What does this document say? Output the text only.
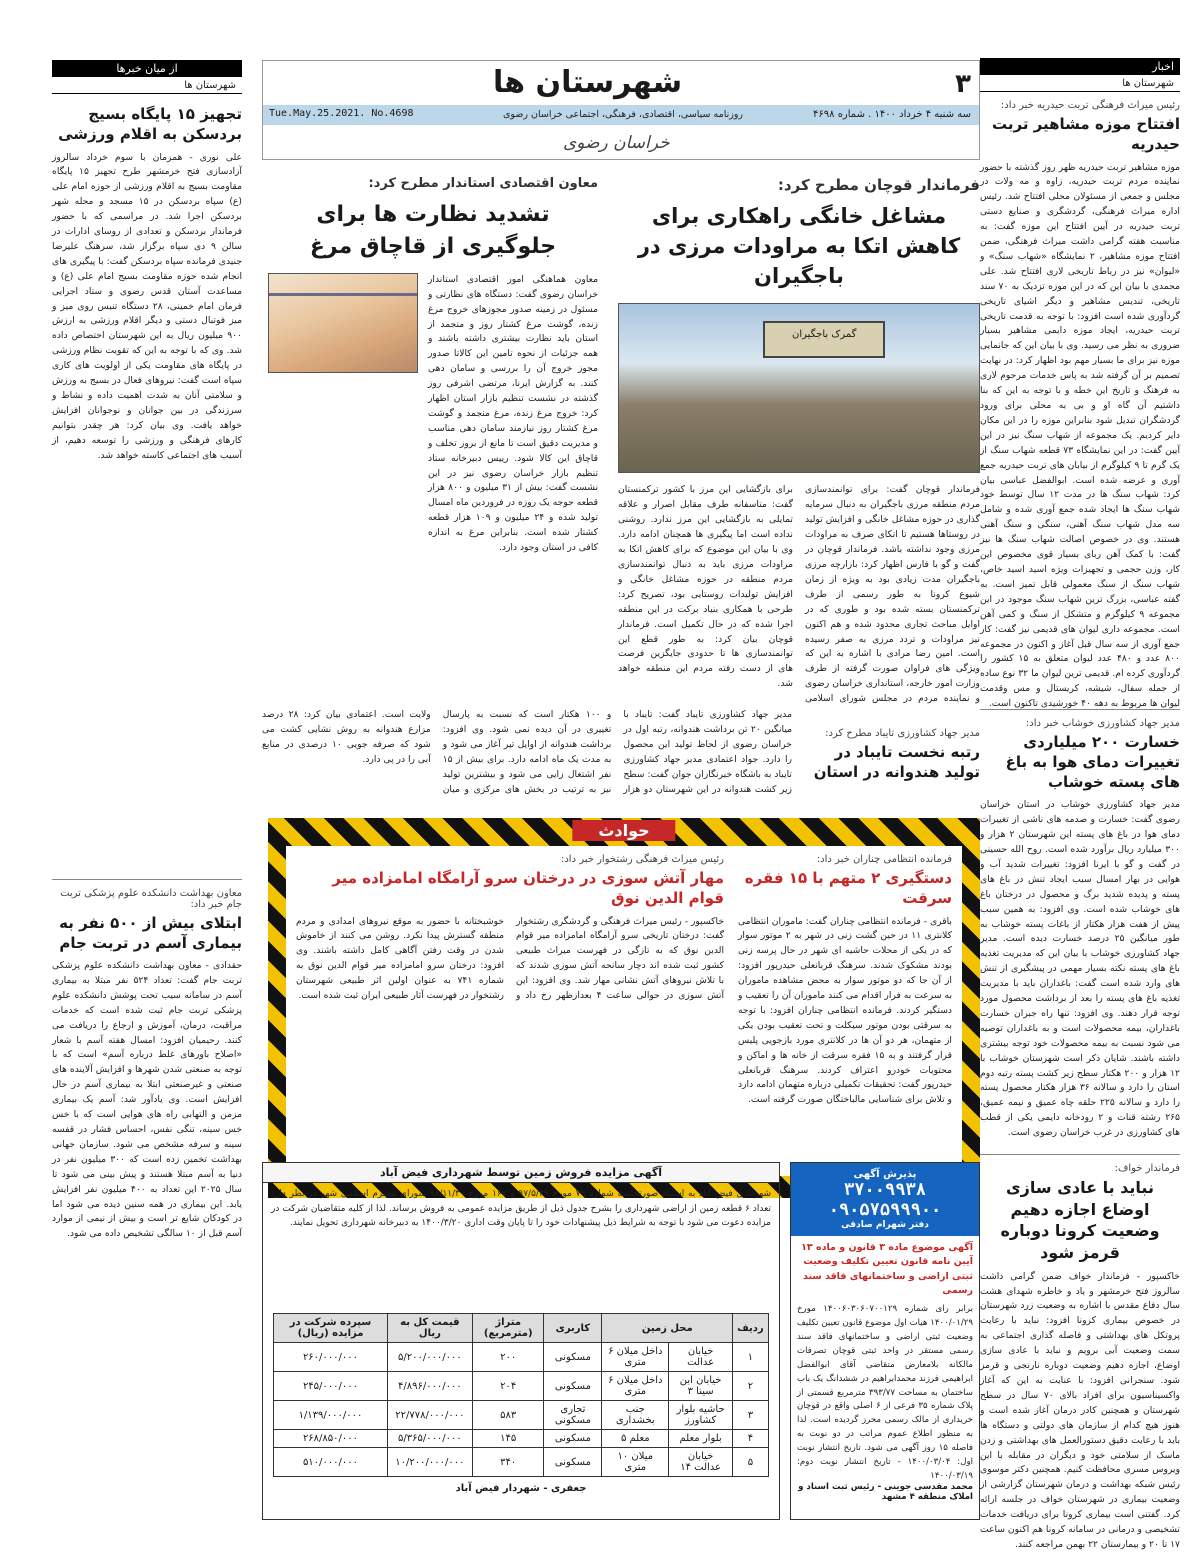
اخبار
شهرستان ها
رئیس میراث فرهنگی تربت حیدریه خبر داد:
افتتاح موزه مشاهیر تربت حیدریه
موزه مشاهیر تربت حیدریه ظهر روز گذشته با حضور نماینده مردم تربت حیدریه، زاوه و مه ولات در مجلس و جمعی از مسئولان محلی افتتاح شد. رئیس اداره میراث فرهنگی، گردشگری و صنایع دستی تربت حیدریه در آیین افتتاح این موزه گفت: به مناسبت هفته گرامی داشت میراث فرهنگی، ضمن افتتاح موزه مشاهیر، ۲ نمایشگاه «شهاب سنگ» و «لیوان» نیز در رباط تاریخی لاری افتتاح شد. علی محمدی با بیان این که در این موزه تزدیک به ۷۰ سند تاریخی، تندیس مشاهیر و دیگر اشیای تاریخی گردآوری شده است افزود: با توجه به قدمت تاریخی تربت حیدریه، ایجاد موزه دایمی مشاهیر بسیار ضروری به نظر می رسید. وی با بیان این که جانمایی موزه نیز برای ما بسیار مهم بود اظهار کرد: در نهایت تصمیم بر آن گرفته شد به پاس خدمات مرحوم لاری به فرهنگ و تاریخ این خطه و با توجه به این که بنا داشتیم آن گاه او و بی به محلی برای ورود گردشگران تبدیل شود بنابراین موزه را در این مکان دایر کردیم. یک مجموعه از شهاب سنگ نیز در این آیین گفت: در این نمایشگاه ۷۳ قطعه شهاب سنگ از یک گرم تا ۹ کیلوگرم از بیابان های تربت حیدریه جمع آوری و عرضه شده است. ابوالفضل عباسی بیان کرد: شهاب سنگ ها در مدت ۱۲ سال توسط خود شهاب سنگ ها ایجاد شده جمع آوری شده و شامل سه مدل شهاب سنگ آهنی، سنگی و سنگ آهنی هستند. وی در خصوص اصالت شهاب سنگ ها نیز گفت: با کمک آهن ربای بسیار قوی مخصوص این کار، وزن حجمی و تجهیزات ویژه اسید اسید خاص، شهاب سنگ از سنگ معمولی قابل تمیز است. به گفته عباسی، بزرگ ترین شهاب سنگ موجود در این مجموعه ۹ کیلوگرم و متشکل از سنگ و کمی آهن است. مجموعه داری لیوان های قدیمی نیز گفت: کار جمع آوری از سه سال قبل آغاز و اکنون در مجموعه ۸۰۰ عدد و ۴۸۰ عدد لیوان متعلق به ۱۵ کشور را گردآوری کرده ام. قدیمی ترین لیوان ما ۳۲ نوع ساده از جمله سفال، شیشه، کریستال و مس وقدمت لیوان ها مربوط به دهه ۴۰ خورشیدی تاکنون است.
مدیر جهاد کشاورزی خوشاب خبر داد:
خسارت ۲۰۰ میلیاردی تغییرات دمای هوا به باغ های پسته خوشاب
مدیر جهاد کشاورزی خوشاب در استان خراسان رضوی گفت: خسارت و صدمه های ناشی از تغییرات دمای هوا در باغ های پسته این شهرستان ۲ هزار و ۳۰۰ میلیارد ریال برآورد شده است. روح الله حسینی در گفت و گو با ایرنا افزود: تغییرات شدید آب و هوایی در بهار امسال سبب ایجاد تنش در باغ های پسته و پدیده شدید برگ و محصول در درختان باغ های خوشاب شده است. وی افزود: به همین سبب پیش از هفت هزار هکتار از باغات پسته خوشاب به طور میانگین ۲۵ درصد خسارت دیده است. مدیر جهاد کشاورزی خوشاب با بیان این که مدیریت تغذیه باغ های پسته نکته بسیار مهمی در پیشگیری از تنش های وارد شده است گفت: باغداران باید با مدیریت تغذیه باغ های پسته را بعد از برداشت محصول مورد توجه قرار دهند. وی افزود: تنها راه جبران خسارت باغداران، بیمه محصولات است و به باغداران توصیه می شود نسبت به بیمه محصولات خود توجه بیشتری داشته باشند. شایان ذکر است شهرستان خوشاب با ۱۲ هزار و ۲۰۰ هکتار سطح زیر کشت پسته رتبه دوم استان را دارد و سالانه ۳۶ هزار هکتار محصول پسته را دارد و سالانه ۲۲۵ حلقه چاه عمیق و نیمه عمیق، ۲۶۵ رشته قنات و ۲ رودخانه دایمی یکی از قطب های کشاورزی در غرب خراسان رضوی است.
فرماندار خواف:
نباید با عادی سازی اوضاع اجازه دهیم وضعیت کرونا دوباره قرمز شود
خاکسپور - فرماندار خواف ضمن گرامی داشت سالروز فتح خرمشهر و یاد و خاطره شهدای هشت سال دفاع مقدس با اشاره به وضعیت زرد شهرستان در خصوص بیماری کرونا افزود: نباید با رعایت پروتکل های بهداشتی و فاصله گذاری اجتماعی به سمت وضعیت آبی برویم و نباید با عادی سازی اوضاع، اجازه دهیم وضعیت دوباره نارنجی و قرمز شود. سنجرانی افزود: با عنایت به این که آغاز واکسیناسیون برای افراد بالای ۷۰ سال در سطح شهرستان و همچنین کادر درمان آغاز شده است و هنوز هیچ کدام از سازمان های دولتی و دستگاه ها باید با رعایت دقیق دستورالعمل های بهداشتی و زدن ماسک از سلامتی خود و دیگران در مقابله با این ویروس مسری محافظت کنیم. همچنین دکتر موسوی رئیس شبکه بهداشت و درمان شهرستان گزارشی از وضعیت بیماری در شهرستان خواف در جلسه ارائه کرد. گفتنی است بیماری کرونا برای دریافت خدمات تشخیصی و درمانی در سامانه کرونا هم اکنون ساعت ۱۷ تا ۲۰ و بیمارستان ۲۲ بهمن مراجعه کنند.
۳
شهرستان ها
سه شنبه ۴ خرداد ۱۴۰۰ . شماره ۴۶۹۸
روزنامه سیاسی، اقتصادی، فرهنگی، اجتماعی خراسان رضوی
Tue.May.25.2021. No.4698
خراسان رضوی
فرماندار قوچان مطرح کرد:
مشاغل خانگی راهکاری برای کاهش اتکا به مراودات مرزی در باجگیران
گمرک باجگیران
فرماندار قوچان گفت: برای توانمندسازی مردم منطقه مرزی باجگیران به دنبال سرمایه گذاری در حوزه مشاغل خانگی و افزایش تولید در روستاها هستیم تا اتکای صرف به مراودات مرزی وجود نداشته باشد. فرماندار قوچان در گفت و گو با فارس اظهار کرد: بازارچه مرزی باجگیران مدت زیادی بود به ویژه از زمان شیوع کرونا به طور رسمی از طرف ترکمنستان بسته شده بود و طوری که در اوایل مباحث تجاری محدود شده و هم اکنون نیز مراودات و تردد مرزی به صفر رسیده است. امین رضا مرادی با اشاره به این که ویژگی های فراوان صورت گرفته از طرف وزارت امور خارجه، استانداری خراسان رضوی و نماینده مردم در مجلس شورای اسلامی برای بازگشایی این مرز با کشور ترکمنستان گفت: متاسفانه طرف مقابل اصرار و علاقه تمایلی به بازگشایی این مرز ندارد. روشنی نداده است اما پیگیری ها همچنان ادامه دارد. وی با بیان این موضوع که برای کاهش اتکا به مراودات مرزی باید به دنبال توانمندسازی مردم منطقه در حوزه مشاغل خانگی و افزایش تولیدات روستایی بود، تصریح کرد: طرحی با همکاری بنیاد برکت در این منطقه اجرا شده که در حال تکمیل است. فرماندار قوچان بیان کرد: به طور قطع این توانمندسازی ها تا حدودی جایگزین فرصت های از دست رفته مردم این منطقه خواهد شد.
معاون اقتصادی استاندار مطرح کرد:
تشدید نظارت ها برای جلوگیری از قاچاق مرغ
معاون هماهنگی امور اقتصادی استاندار خراسان رضوی گفت: دستگاه های نظارتی و مسئول در زمینه صدور مجوزهای خروج مرغ زنده، گوشت مرغ کشتار روز و منجمد از استان باید نظارت بیشتری داشته باشند و همه جزئیات از نحوه تامین این کالاتا صدور مجوز خروج آن را بررسی و سامان دهی کنند. به گزارش ایرنا، مرتضی اشرفی روز گذشته در نشست تنظیم بازار استان اظهار کرد: خروج مرغ زنده، مرغ منجمد و گوشت مرغ کشتار روز نیازمند سامان دهی مناسب و مدیریت دقیق است تا مانع از بروز تخلف و قاچاق این کالا شود. رییس دبیرخانه ستاد تنظیم بازار خراسان رضوی نیز در این نشست گفت: بیش از ۳۱ میلیون و ۸۰۰ هزار قطعه جوجه یک روزه در فروردین ماه امسال تولید شده و ۲۴ میلیون و ۱۰۹ هزار قطعه کشتار شده است. بنابراین مرغ به اندازه کافی در استان وجود دارد.
مدیر جهاد کشاورزی تایباد مطرح کرد:
رتبه نخست تایباد در تولید هندوانه در استان
مدیر جهاد کشاورزی تایباد گفت: تایباد با میانگین ۲۰ تن برداشت هندوانه، رتبه اول در خراسان رضوی از لحاظ تولید این محصول را دارد. جواد اعتمادی مدیر جهاد کشاورزی تایباد به باشگاه خبرنگاران جوان گفت: سطح زیر کشت هندوانه در این شهرستان دو هزار و ۱۰۰ هکتار است که نسبت به پارسال تغییری در آن دیده نمی شود. وی افزود: برداشت هندوانه از اوایل تیر آغاز می شود و به مدت یک ماه ادامه دارد. برای بیش از ۱۵ نفر اشتغال زایی می شود و بیشترین تولید نیز به ترتیب در بخش های مرکزی و میان ولایت است. اعتمادی بیان کرد: ۲۸ درصد مزارع هندوانه به روش نشایی کشت می شود که صرفه جویی ۱۰ درصدی در منابع آبی را در پی دارد.
حوادث
فرمانده انتظامی چناران خبر داد:
دستگیری ۲ متهم با ۱۵ فقره سرقت
باقری - فرمانده انتظامی چناران گفت: ماموران انتظامی کلانتری ۱۱ در حین گشت زنی در شهر به ۲ موتور سوار که در یکی از محلات حاشیه ای شهر در حال پرسه زنی بودند مشکوک شدند. سرهنگ قربانعلی حیدرپور افزود: از آن جا که دو موتور سوار به محض مشاهده ماموران به سرعت به فرار اقدام می کنند ماموران آن را تعقیب و دستگیر کردند. فرمانده انتظامی چناران افزود: با توجه به سرقتی بودن موتور سیکلت و تحت تعقیب بودن یکی از متهمان، هر دو آن ها در کلانتری مورد بازجویی پلیس قرار گرفتند و به ۱۵ فقره سرقت از خانه ها و اماکن و محتویات خودرو اعتراف کردند. سرهنگ قربانعلی حیدرپور گفت: تحقیقات تکمیلی درباره متهمان ادامه دارد و تلاش برای شناسایی مالباختگان صورت گرفته است.
رئیس میراث فرهنگی رشتخوار خبر داد:
مهار آتش سوزی در درختان سرو آرامگاه امامزاده میر قوام الدین نوق
خاکسپور - رئیس میراث فرهنگی و گردشگری رشتخوار گفت: درختان تاریخی سرو آرامگاه امامزاده میر قوام الدین نوق که به تازگی در فهرست میراث طبیعی کشور ثبت شده اند دچار سانحه آتش سوزی شدند که با تلاش نیروهای آتش نشانی مهار شد. وی افزود: این آتش سوزی در حوالی ساعت ۴ بعدازظهر رخ داد و خوشبختانه با حضور به موقع نیروهای امدادی و مردم منطقه گسترش پیدا نکرد. روشن می کنند از خاموش شدن در وقت رفتن آگاهی کامل داشته باشند. وی افزود: درختان سرو امامزاده میر قوام الدین نوق به شماره ۷۴۱ به عنوان اولین اثر طبیعی شهرستان رشتخوار در فهرست آثار طبیعی ایران ثبت شده است.
آگهی مزایده فروش زمین توسط شهرداری فیض آباد
شهرداری فیض آباد به استناد صورتجلسه شماره ۷۹ مورخ ۹۷/۵/۲۹ و ۱۶۷ مورخ ۹۸/۱۱/۳۰ شورای محترم اسلامی شهر در نظر دارد تعداد ۶ قطعه زمین از اراضی شهرداری را بشرح جدول ذیل از طریق مزایده عمومی به فروش برساند. لذا از کلیه متقاضیان شرکت در مزایده دعوت می شود با توجه به شرایط ذیل پیشنهادات خود را تا پایان وقت اداری ۱۴۰۰/۳/۲۰ به دبیرخانه شهرداری تحویل نمایند.
ردیف	محل زمین		کاربری	متراژ (مترمربع)	قیمت کل به ریال	سپرده شرکت در مزایده (ریال)
۱	خیابان عدالت	داخل میلان ۶ متری	مسکونی	۲۰۰	۵/۲۰۰/۰۰۰/۰۰۰	۲۶۰/۰۰۰/۰۰۰
۲	خیابان ابن سینا ۳	داخل میلان ۶ متری	مسکونی	۲۰۴	۴/۸۹۶/۰۰۰/۰۰۰	۲۴۵/۰۰۰/۰۰۰
۳	حاشیه بلوار کشاورز	جنب بخشداری	تجاری مسکونی	۵۸۳	۲۲/۷۷۸/۰۰۰/۰۰۰	۱/۱۳۹/۰۰۰/۰۰۰
۴	بلوار معلم	معلم ۵	مسکونی	۱۴۵	۵/۳۶۵/۰۰۰/۰۰۰	۲۶۸/۸۵۰/۰۰۰
۵	خیابان عدالت ۱۴	میلان ۱۰ متری	مسکونی	۳۴۰	۱۰/۲۰۰/۰۰۰/۰۰۰	۵۱۰/۰۰۰/۰۰۰
جعفری - شهردار فیض آباد
پذیرش آگهی
۳۷۰۰۹۹۳۸
۰۹۰۵۷۵۹۹۹۰۰
دفتر شهرام صادقی
آگهی موضوع ماده ۳ قانون و ماده ۱۳ آیین نامه قانون تعیین تکلیف وضعیت ثبتی اراضی و ساختمانهای فاقد سند رسمی
برابر رای شماره ۱۴۰۰۶۰۳۰۶۰۷۰۰۱۲۹ مورخ ۱۴۰۰/۰۱/۲۹ هیات اول موضوع قانون تعیین تکلیف وضعیت ثبتی اراضی و ساختمانهای فاقد سند رسمی مستقر در واحد ثبتی قوچان تصرفات مالکانه بلامعارض متقاضی آقای ابوالفضل ابراهیمی فرزند محمدابراهیم در ششدانگ یک باب ساختمان به مساحت ۳۹۳/۷۷ مترمربع قسمتی از پلاک شماره ۳۵ فرعی از ۶ اصلی واقع در قوچان خریداری از مالک رسمی محرز گردیده است. لذا به منظور اطلاع عموم مراتب در دو نوبت به فاصله ۱۵ روز آگهی می شود. تاریخ انتشار نوبت اول: ۱۴۰۰/۰۳/۰۴ - تاریخ انتشار نوبت دوم: ۱۴۰۰/۰۳/۱۹
محمد مقدسی جوینی - رئیس ثبت اسناد و املاک منطقه ۴ مشهد
از میان خبرها
شهرستان ها
تجهیز ۱۵ پایگاه بسیج بردسکن به اقلام ورزشی
علی نوری - همزمان با سوم خرداد سالروز آزادسازی فتح خرمشهر طرح تجهیز ۱۵ پایگاه مقاومت بسیج به اقلام ورزشی از حوزه امام علی (ع) سپاه بردسکن در ۱۵ مسجد و محله شهر بردسکن اجرا شد. در مراسمی که با حضور فرماندار بردسکن و تعدادی از روسای ادارات در سالن ۹ دی سپاه برگزار شد، سرهنگ علیرضا جنیدی فرمانده سپاه بردسکن گفت: با پیگیری های انجام شده حوزه مقاومت بسیج امام علی (ع) و مساعدت آستان قدس رضوی و ستاد اجرایی فرمان امام خمینی، ۲۸ دستگاه تنیس روی میز و میز فوتبال دستی و دیگر اقلام ورزشی به ارزش ۹۰۰ میلیون ریال به این شهرستان اختصاص داده شد. وی که با توجه به این که تقویت نظام ورزشی در پایگاه های مقاومت یکی از اولویت های کاری سپاه است گفت: نیروهای فعال در بسیج به ورزش و سلامتی آنان به شدت اهمیت داده و نشاط و سرزندگی در بین جوانان و نوجوانان افزایش خواهد یافت. وی بیان کرد: هر چقدر بتوانیم کارهای فرهنگی و ورزشی را توسعه دهیم، از آسیب های اجتماعی کاسته خواهد شد.
معاون بهداشت دانشکده علوم پزشکی تربت جام خبر داد:
ابتلای بیش از ۵۰۰ نفر به بیماری آسم در تربت جام
حقدادی - معاون بهداشت دانشکده علوم پزشکی تربت جام گفت: تعداد ۵۲۴ نفر مبتلا به بیماری آسم در سامانه سیب تحت پوشش دانشکده علوم پزشکی تربت جام ثبت شده است که خدمات مراقبت، درمان، آموزش و ارجاع را دریافت می کنند. رحیمیان افزود: امسال هفته آسم با شعار «اصلاح باورهای غلط درباره آسم» است که با توجه به صنعتی شدن شهرها و افزایش آلاینده های صنعتی و غیرصنعتی ابتلا به بیماری آسم در حال افزایش است. وی یادآور شد: آسم یک بیماری مزمن و التهابی راه های هوایی است که با خس خس سینه، تنگی نفس، احساس فشار در قفسه سینه و سرفه مشخص می شود. سازمان جهانی بهداشت تخمین زده است که ۳۰۰ میلیون نفر در دنیا به آسم مبتلا هستند و پیش بینی می شود تا سال ۲۰۲۵ این تعداد به ۴۰۰ میلیون نفر افزایش یابد. این بیماری در همه سنین دیده می شود اما در کودکان شایع تر است و بیش از نیمی از موارد آسم قبل از ۱۰ سالگی تشخیص داده می شود.
